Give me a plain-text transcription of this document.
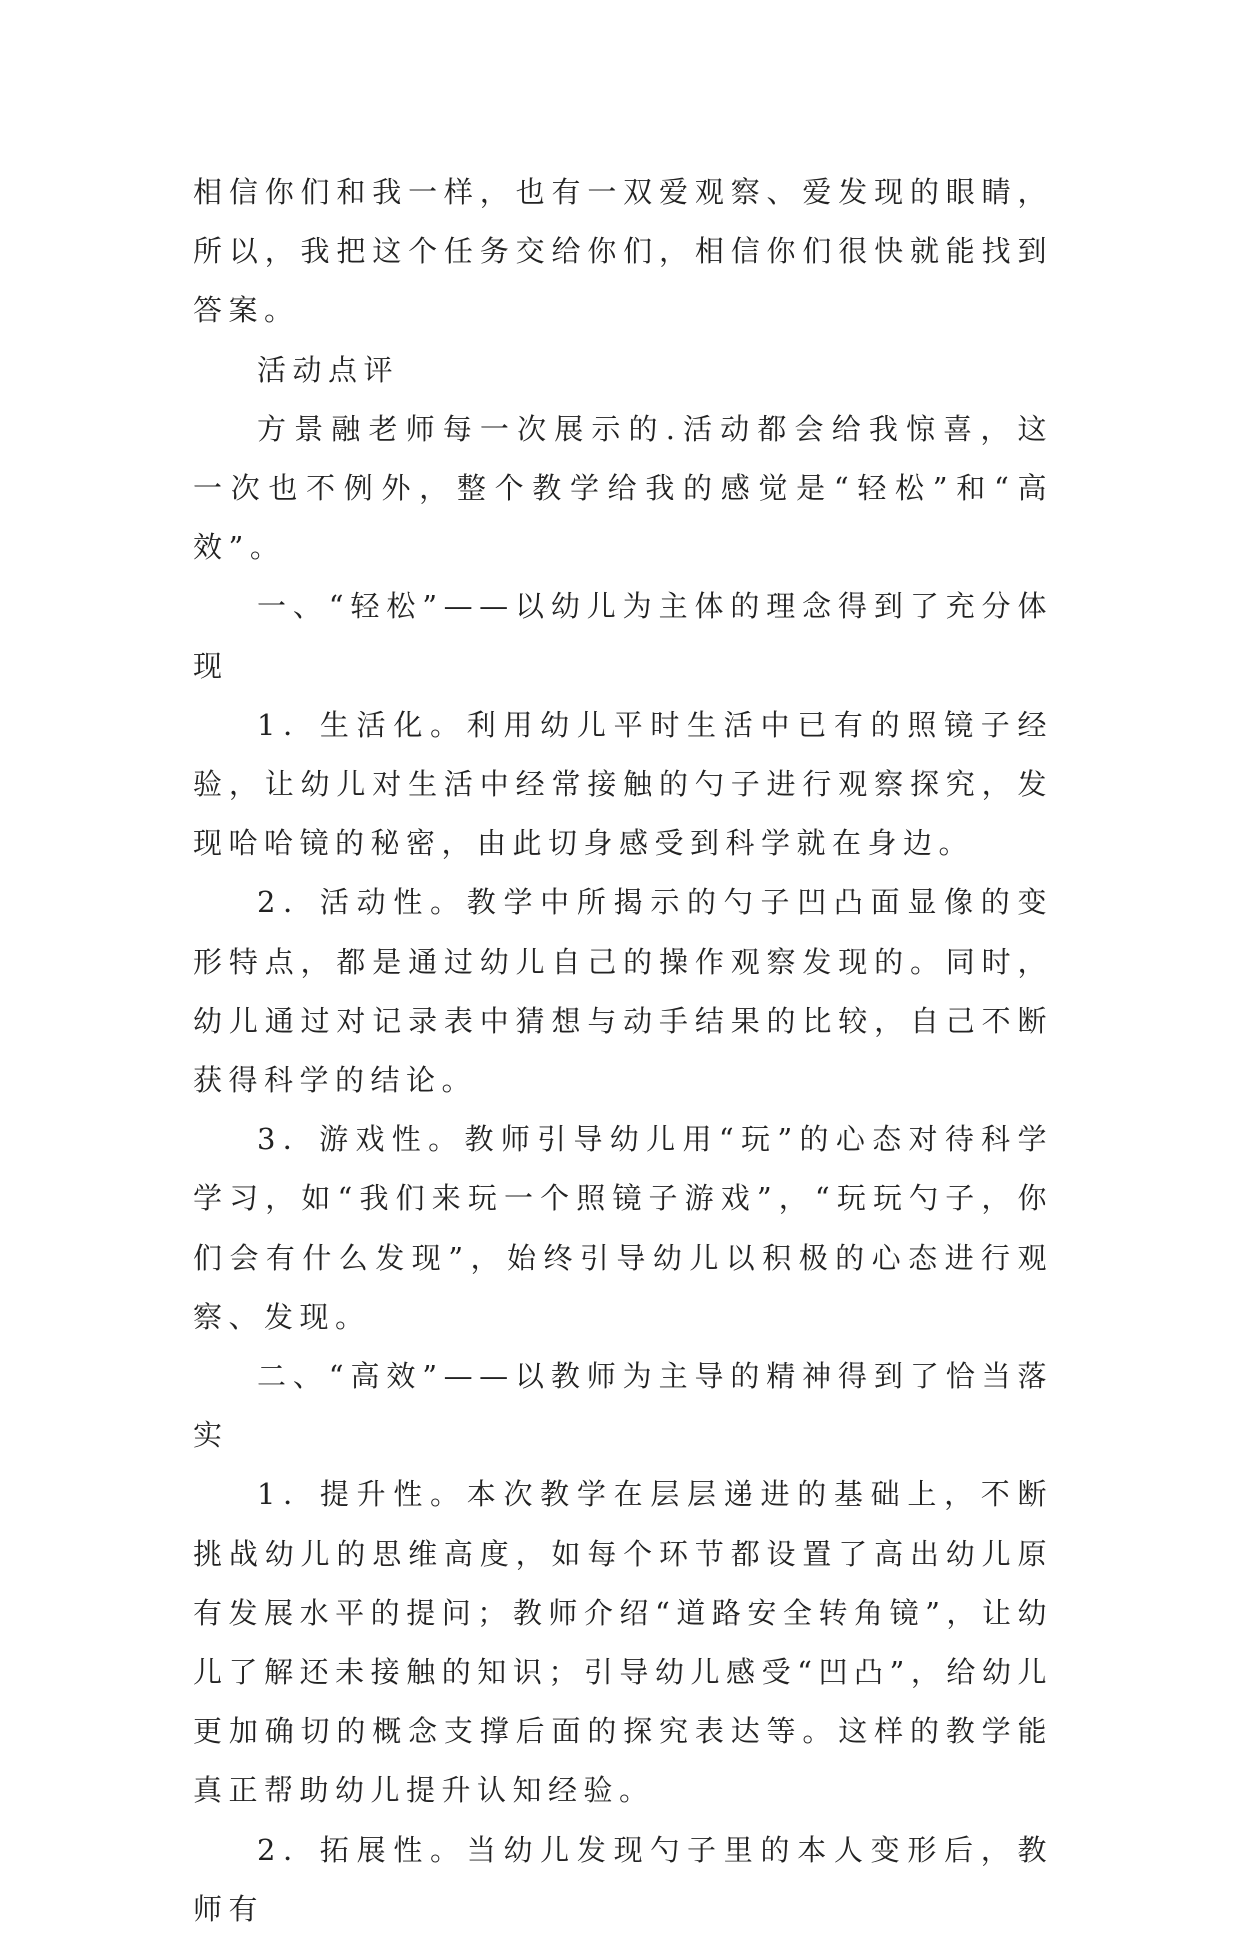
相信你们和我一样，也有一双爱观察、爱发现的眼睛，所以，我把这个任务交给你们，相信你们很快就能找到答案。

活动点评

方景融老师每一次展示的.活动都会给我惊喜，这一次也不例外，整个教学给我的感觉是“轻松”和“高效”。

一、“轻松”——以幼儿为主体的理念得到了充分体现

1．生活化。利用幼儿平时生活中已有的照镜子经验，让幼儿对生活中经常接触的勺子进行观察探究，发现哈哈镜的秘密，由此切身感受到科学就在身边。

2．活动性。教学中所揭示的勺子凹凸面显像的变形特点，都是通过幼儿自己的操作观察发现的。同时，幼儿通过对记录表中猜想与动手结果的比较，自己不断获得科学的结论。

3．游戏性。教师引导幼儿用“玩”的心态对待科学学习，如“我们来玩一个照镜子游戏”，“玩玩勺子，你们会有什么发现”，始终引导幼儿以积极的心态进行观察、发现。

二、“高效”——以教师为主导的精神得到了恰当落实

1．提升性。本次教学在层层递进的基础上，不断挑战幼儿的思维高度，如每个环节都设置了高出幼儿原有发展水平的提问；教师介绍“道路安全转角镜”，让幼儿了解还未接触的知识；引导幼儿感受“凹凸”，给幼儿更加确切的概念支撑后面的探究表达等。这样的教学能真正帮助幼儿提升认知经验。

2．拓展性。当幼儿发现勺子里的本人变形后，教师有
